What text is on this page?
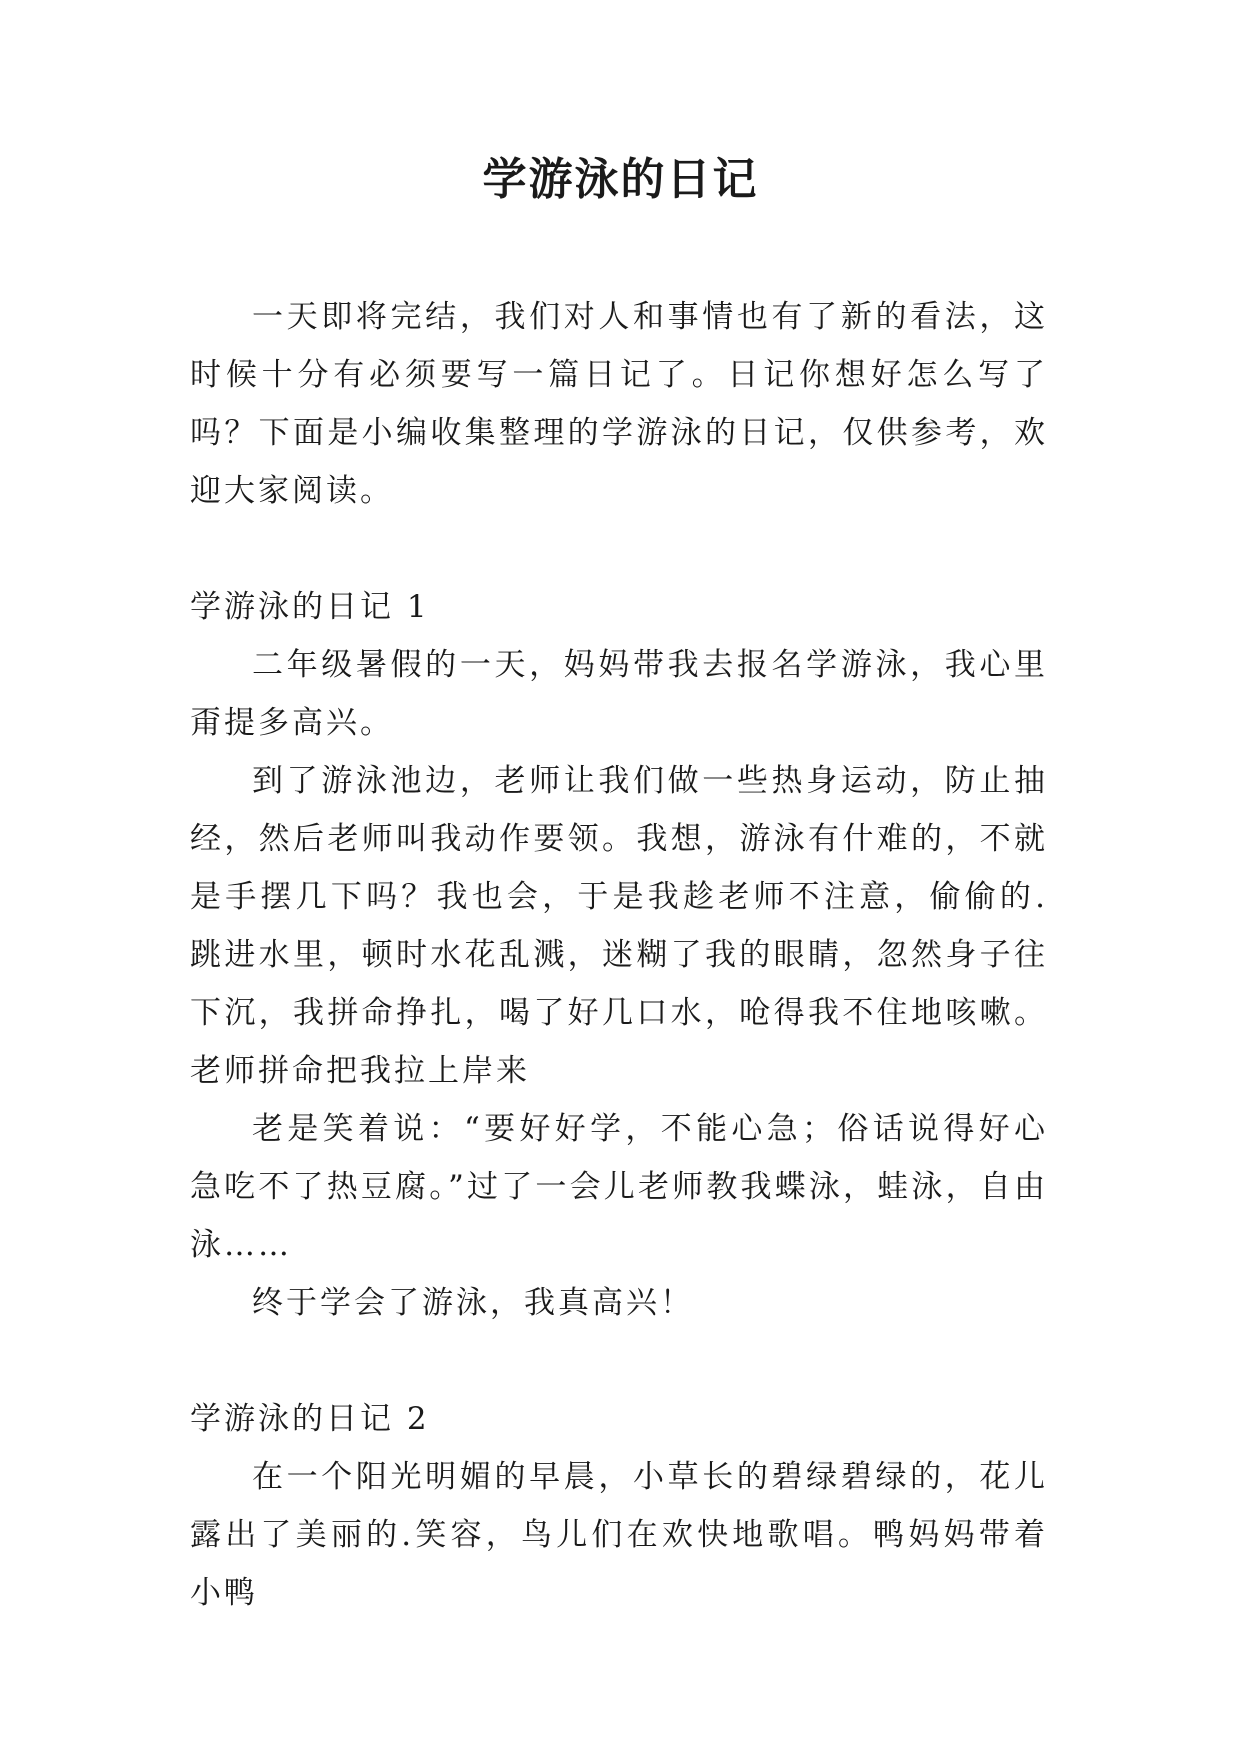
学游泳的日记

一天即将完结，我们对人和事情也有了新的看法，这时候十分有必须要写一篇日记了。日记你想好怎么写了吗？下面是小编收集整理的学游泳的日记，仅供参考，欢迎大家阅读。

学游泳的日记 1

二年级暑假的一天，妈妈带我去报名学游泳，我心里甭提多高兴。

到了游泳池边，老师让我们做一些热身运动，防止抽经，然后老师叫我动作要领。我想，游泳有什难的，不就是手摆几下吗？我也会，于是我趁老师不注意，偷偷的.跳进水里，顿时水花乱溅，迷糊了我的眼睛，忽然身子往下沉，我拼命挣扎，喝了好几口水，呛得我不住地咳嗽。老师拼命把我拉上岸来

老是笑着说：“要好好学，不能心急；俗话说得好心急吃不了热豆腐。”过了一会儿老师教我蝶泳，蛙泳，自由泳……

终于学会了游泳，我真高兴！

学游泳的日记 2

在一个阳光明媚的早晨，小草长的碧绿碧绿的，花儿露出了美丽的.笑容，鸟儿们在欢快地歌唱。鸭妈妈带着小鸭
